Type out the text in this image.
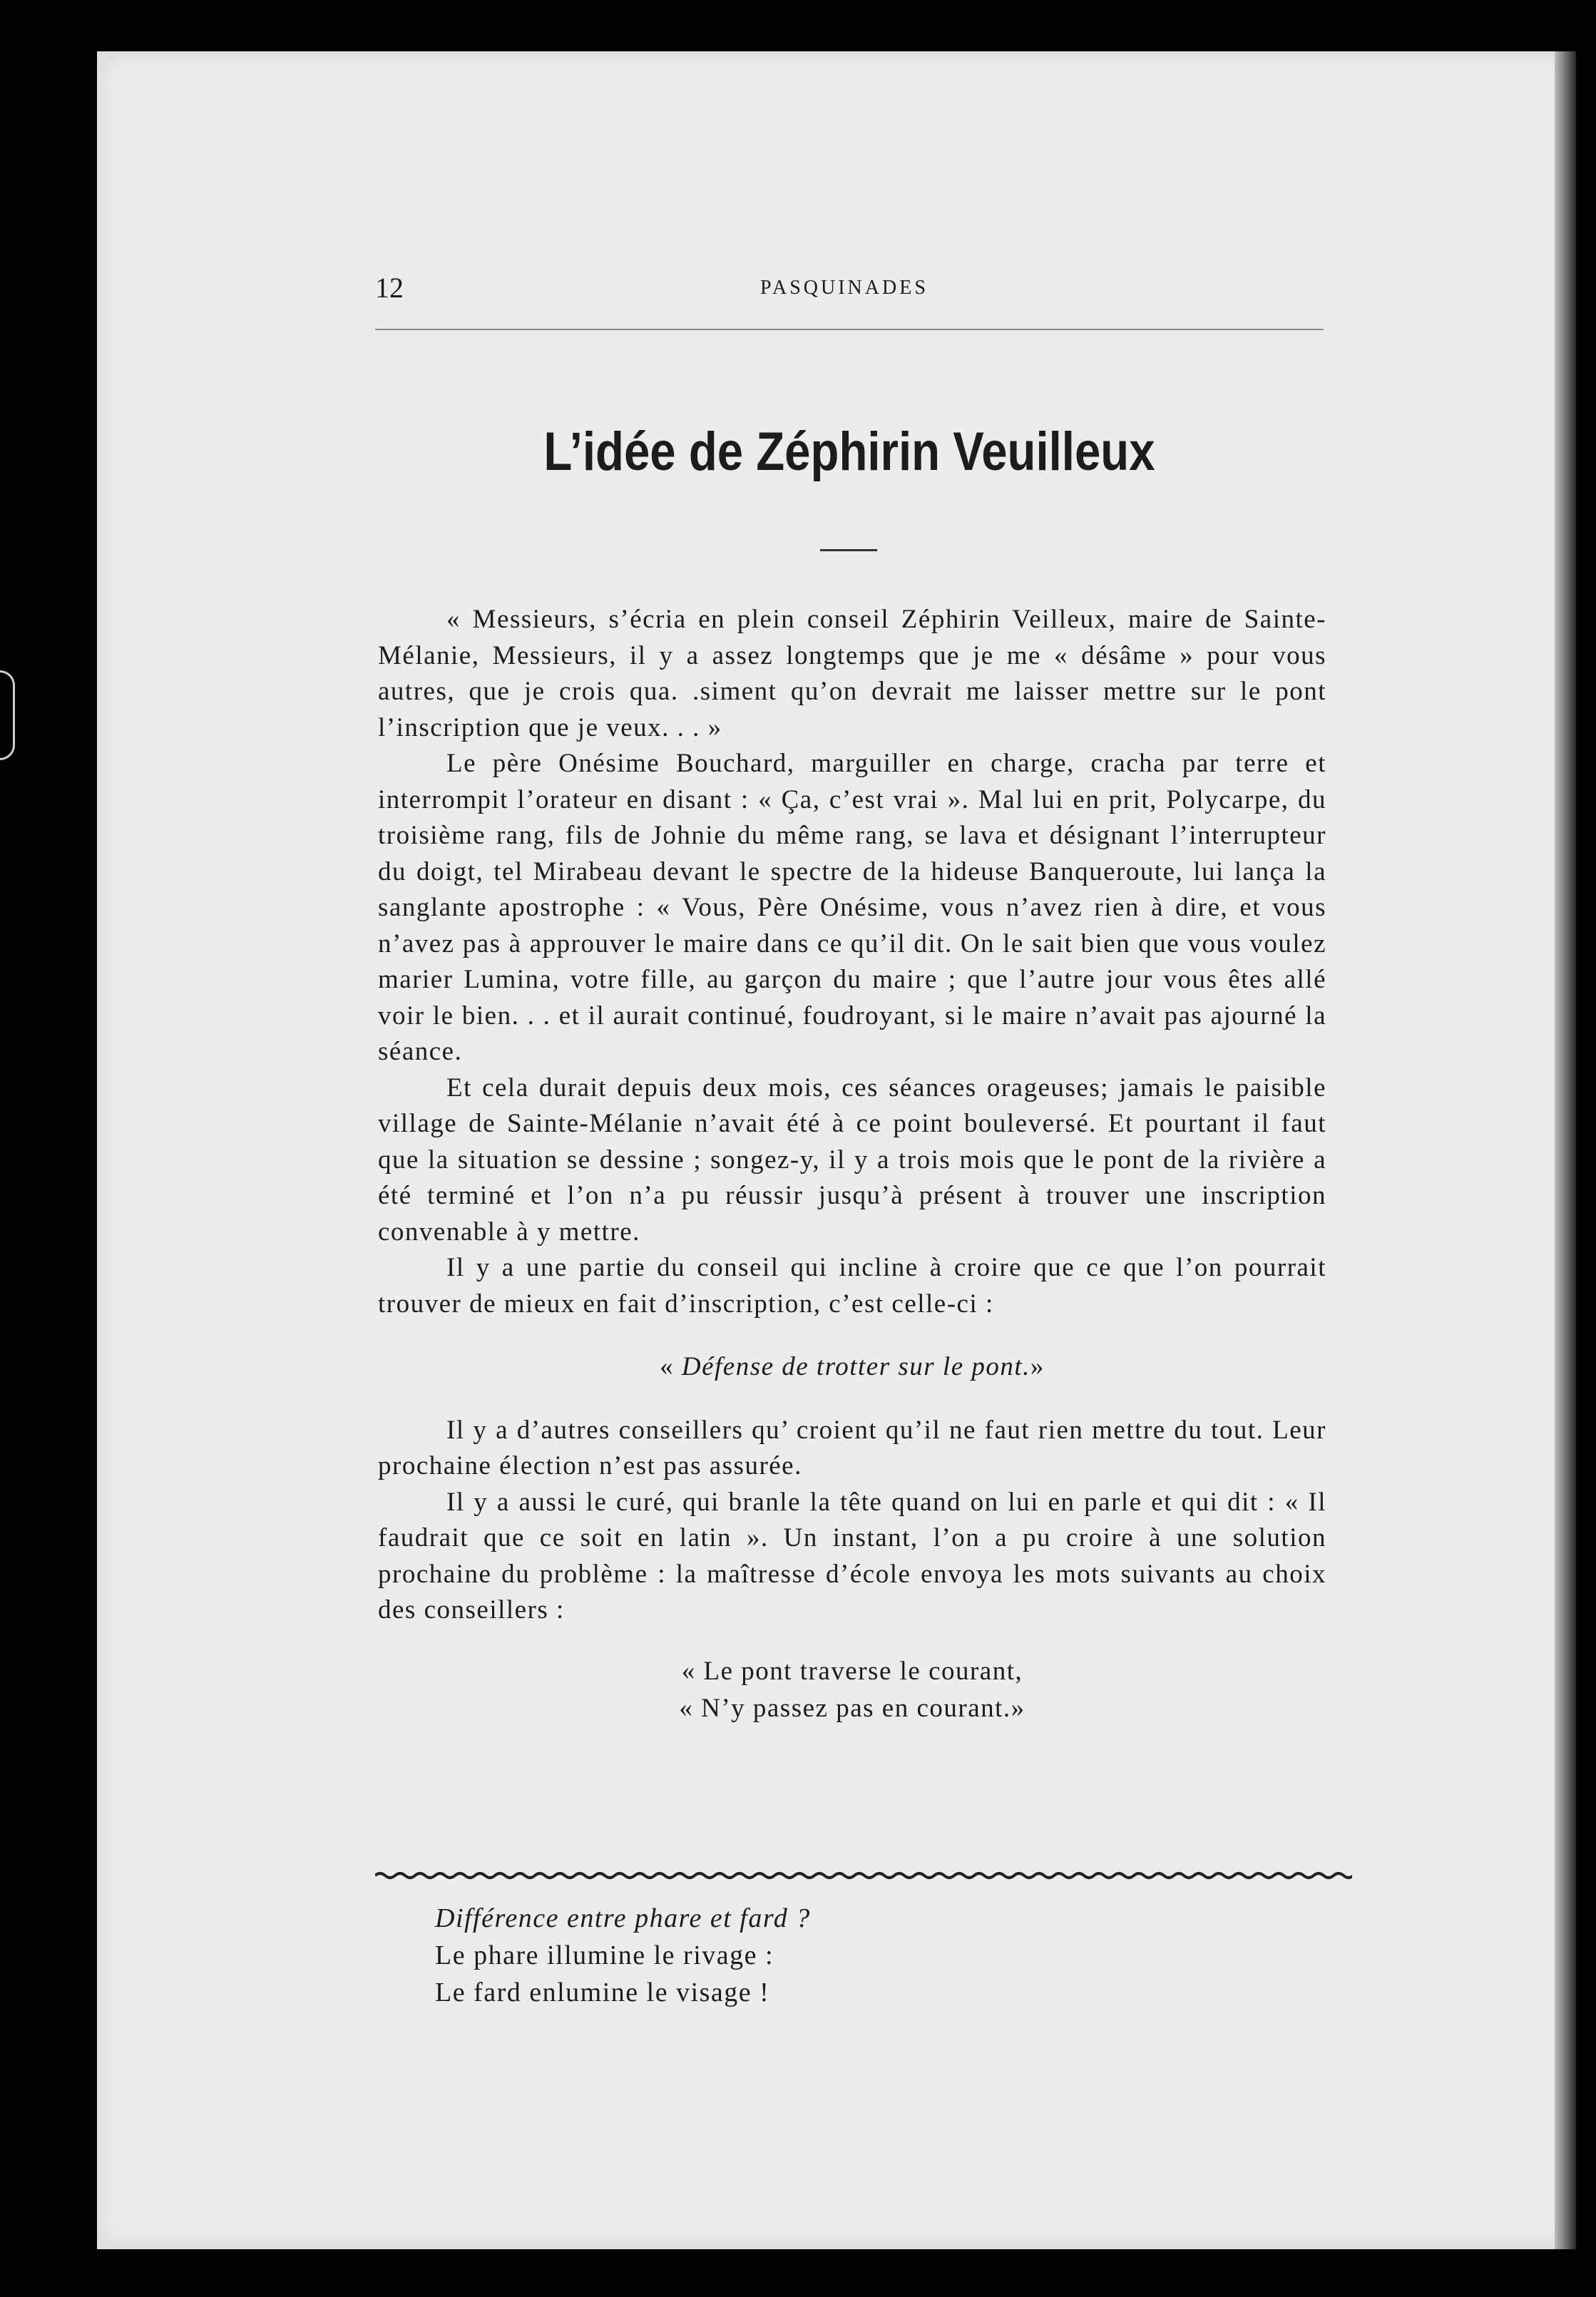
12	PASQUINADES
L’idée de Zéphirin Veuilleux

« Messieurs, s’écria en plein conseil Zéphirin Veilleux, maire de Sainte-Mélanie, Messieurs, il y a assez longtemps que je me « désâme » pour vous autres, que je crois qua. .siment qu’on devrait me laisser mettre sur le pont l’inscription que je veux. . . »

Le père Onésime Bouchard, marguiller en charge, cracha par terre et interrompit l’orateur en disant : « Ça, c’est vrai ». Mal lui en prit, Polycarpe, du troisième rang, fils de Johnie du même rang, se lava et désignant l’interrupteur du doigt, tel Mirabeau devant le spectre de la hideuse Banqueroute, lui lança la sanglante apostrophe : « Vous, Père Onésime, vous n’avez rien à dire, et vous n’avez pas à approuver le maire dans ce qu’il dit. On le sait bien que vous voulez marier Lumina, votre fille, au garçon du maire ; que l’autre jour vous êtes allé voir le bien. . . et il aurait continué, foudroyant, si le maire n’avait pas ajourné la séance.

Et cela durait depuis deux mois, ces séances orageuses; jamais le paisible village de Sainte-Mélanie n’avait été à ce point bouleversé. Et pourtant il faut que la situation se dessine ; songez-y, il y a trois mois que le pont de la rivière a été terminé et l’on n’a pu réussir jusqu’à présent à trouver une inscription convenable à y mettre.

Il y a une partie du conseil qui incline à croire que ce que l’on pourrait trouver de mieux en fait d’inscription, c’est celle-ci :

« Défense de trotter sur le pont.»

Il y a d’autres conseillers qu’ croient qu’il ne faut rien mettre du tout. Leur prochaine élection n’est pas assurée.

Il y a aussi le curé, qui branle la tête quand on lui en parle et qui dit : « Il faudrait que ce soit en latin ». Un instant, l’on a pu croire à une solution prochaine du problème : la maîtresse d’école envoya les mots suivants au choix des conseillers :

« Le pont traverse le courant,
« N’y passez pas en courant.»

Différence entre phare et fard ?
Le phare illumine le rivage :
Le fard enlumine le visage !
